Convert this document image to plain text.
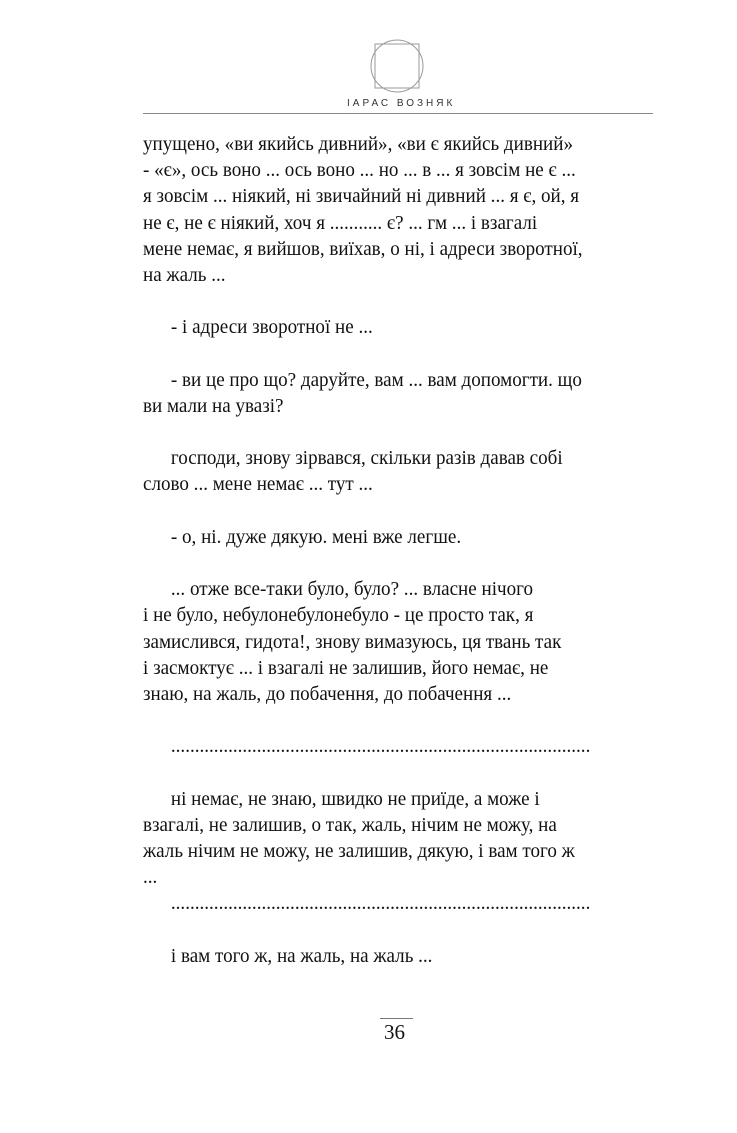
ІАРАС ВОЗНЯК
упущено, «ви якийсь дивний», «ви є якийсь дивний»
- «є», ось воно ... ось воно ... но ... в ... я зовсім не є ...
я зовсім ... ніякий, ні звичайний ні дивний ... я є, ой, я
не є, не є ніякий, хоч я ........... є? ... гм ... і взагалі
мене немає, я вийшов, виїхав, о ні, і адреси зворотної,
на жаль ...
- і адреси зворотної не ...
- ви це про що? даруйте, вам ... вам допомогти. що
ви мали на увазі?
господи, знову зірвався, скільки разів давав собі
слово ... мене немає ... тут ...
- о, ні. дуже дякую. мені вже легше.
... отже все-таки було, було? ... власне нічого
і не було, небулонебулонебуло - це просто так, я
замислився, гидота!, знову вимазуюсь, ця твань так
і засмоктує ... і взагалі не залишив, його немає, не
знаю, на жаль, до побачення, до побачення ...
........................................................................................
ні немає, не знаю, швидко не приїде, а може і
взагалі, не залишив, о так, жаль, нічим не можу, на
жаль нічим не можу, не залишив, дякую, і вам того ж
...
........................................................................................
і вам того ж, на жаль, на жаль ...
36
